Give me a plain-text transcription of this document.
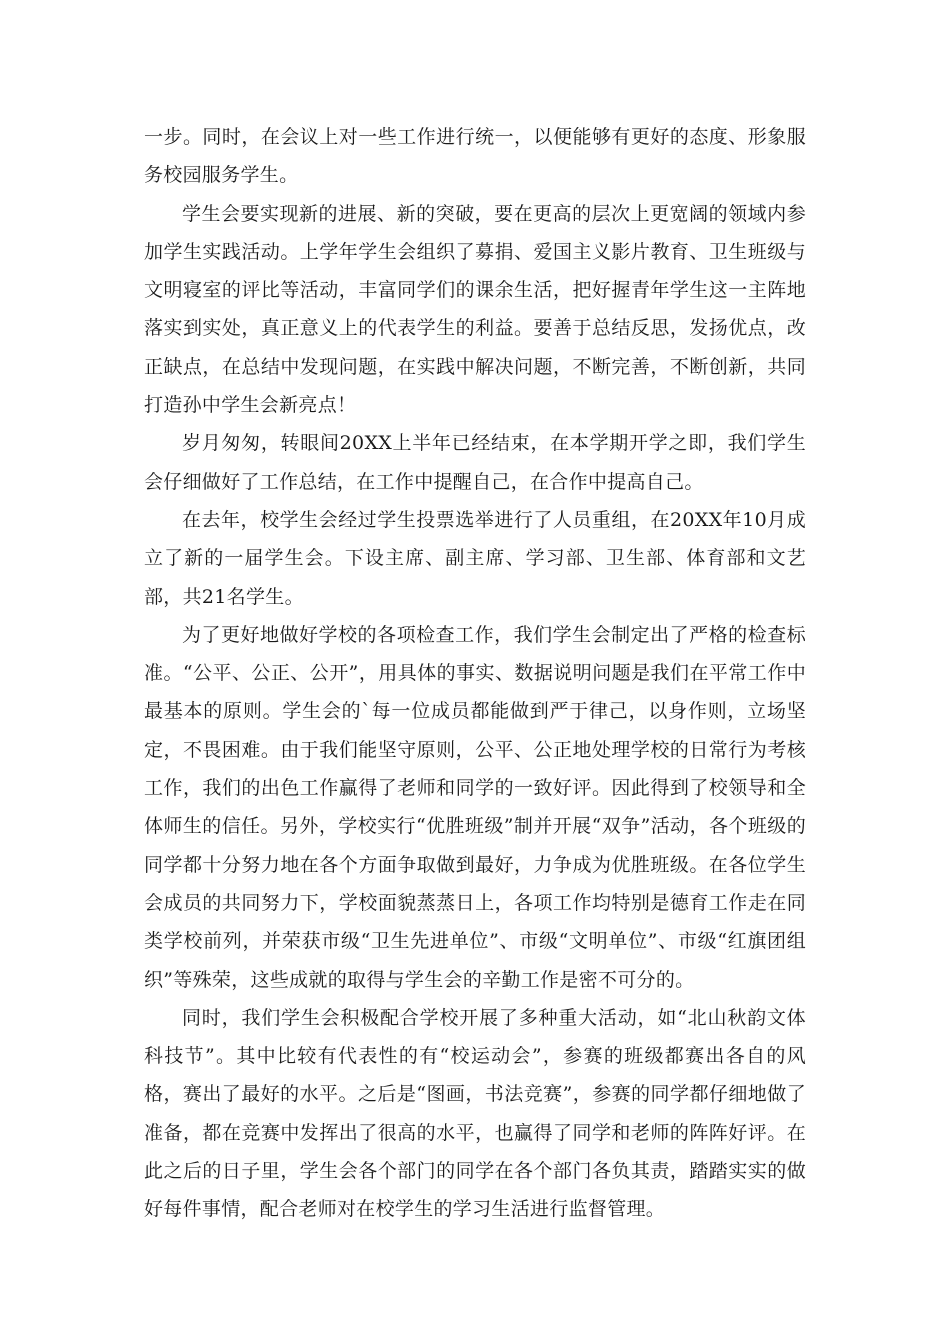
一步。同时，在会议上对一些工作进行统一，以便能够有更好的态度、形象服务校园服务学生。

学生会要实现新的进展、新的突破，要在更高的层次上更宽阔的领域内参加学生实践活动。上学年学生会组织了募捐、爱国主义影片教育、卫生班级与文明寝室的评比等活动，丰富同学们的课余生活，把好握青年学生这一主阵地落实到实处，真正意义上的代表学生的利益。要善于总结反思，发扬优点，改正缺点，在总结中发现问题，在实践中解决问题，不断完善，不断创新，共同打造孙中学生会新亮点！

岁月匆匆，转眼间20XX上半年已经结束，在本学期开学之即，我们学生会仔细做好了工作总结，在工作中提醒自己，在合作中提高自己。

在去年，校学生会经过学生投票选举进行了人员重组，在20XX年10月成立了新的一届学生会。下设主席、副主席、学习部、卫生部、体育部和文艺部，共21名学生。

为了更好地做好学校的各项检查工作，我们学生会制定出了严格的检查标准。“公平、公正、公开”，用具体的事实、数据说明问题是我们在平常工作中最基本的原则。学生会的`每一位成员都能做到严于律己，以身作则，立场坚定，不畏困难。由于我们能坚守原则，公平、公正地处理学校的日常行为考核工作，我们的出色工作赢得了老师和同学的一致好评。因此得到了校领导和全体师生的信任。另外，学校实行“优胜班级”制并开展“双争”活动，各个班级的同学都十分努力地在各个方面争取做到最好，力争成为优胜班级。在各位学生会成员的共同努力下，学校面貌蒸蒸日上，各项工作均特别是德育工作走在同类学校前列，并荣获市级“卫生先进单位”、市级“文明单位”、市级“红旗团组织”等殊荣，这些成就的取得与学生会的辛勤工作是密不可分的。

同时，我们学生会积极配合学校开展了多种重大活动，如“北山秋韵文体科技节”。其中比较有代表性的有“校运动会”，参赛的班级都赛出各自的风格，赛出了最好的水平。之后是“图画，书法竞赛”，参赛的同学都仔细地做了准备，都在竞赛中发挥出了很高的水平，也赢得了同学和老师的阵阵好评。在此之后的日子里，学生会各个部门的同学在各个部门各负其责，踏踏实实的做好每件事情，配合老师对在校学生的学习生活进行监督管理。
